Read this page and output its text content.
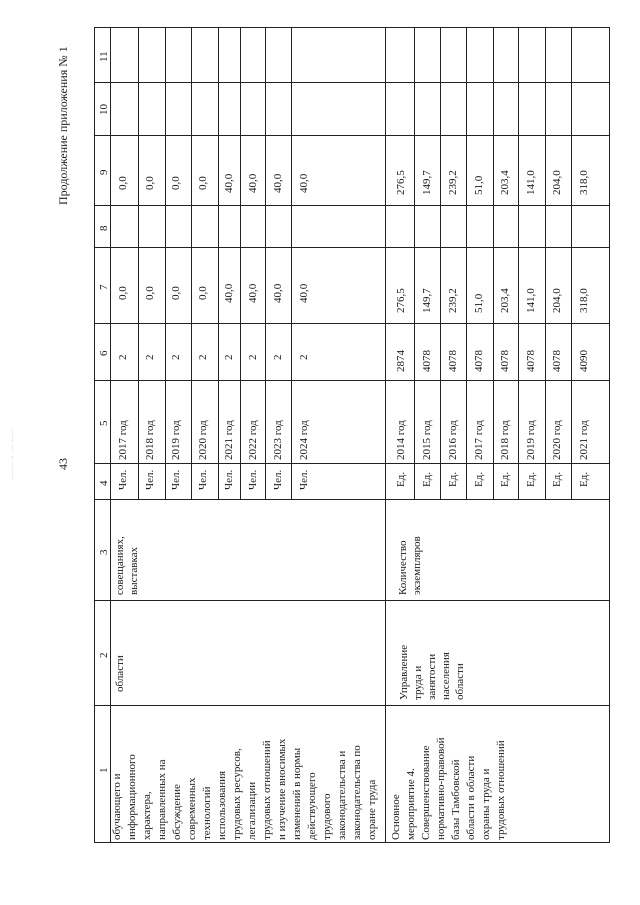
43
Продолжение приложения № 1
1
2
3
4
5
6
7
8
9
10
11
обучающего и информационного характера, направленных на обсуждение современных технологий использования трудовых ресурсов, легализации трудовых отношений и изучение вносимых изменений в нормы действующего трудового законодательства и законодательства по охране труда
области
совещаниях, выставках
Чел.
2017 год
2
0,0
0,0
Чел.
2018 год
2
0,0
0,0
Чел.
2019 год
2
0,0
0,0
Чел.
2020 год
2
0,0
0,0
Чел.
2021 год
2
40,0
40,0
Чел.
2022 год
2
40,0
40,0
Чел.
2023 год
2
40,0
40,0
Чел.
2024 год
2
40,0
40,0
Основное мероприятие 4. Совершенствование нормативно-правовой базы Тамбовской области в области охраны труда и трудовых отношений
Управление труда и занятости населения области
Количество экземпляров
Ед.
2014 год
2874
276,5
276,5
Ед.
2015 год
4078
149,7
149,7
Ед.
2016 год
4078
239,2
239,2
Ед.
2017 год
4078
51,0
51,0
Ед.
2018 год
4078
203,4
203,4
Ед.
2019 год
4078
141,0
141,0
Ед.
2020 год
4078
204,0
204,0
Ед.
2021 год
4090
318,0
318,0
........ .. .... ......
